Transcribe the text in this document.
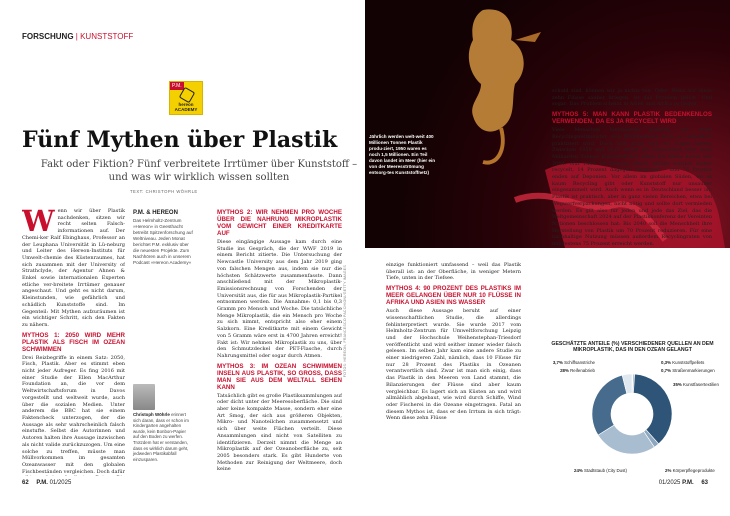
FORSCHUNG | KUNSTSTOFF
P.M.
hereon ACADEMY
Jährlich werden welt-weit 400 Millionen Tonnen Plastik produ-ziert, 1950 waren es noch 1,5 Millionen. Ein Teil davon landet im Meer (hier ein von der Meeresströmung entsorg-tes Kunststoffnetz)
FOTOS: HEREON, FRANCESCO PACCHIONI/GETTY IMAGES
Fünf Mythen über Plastik
Fakt oder Fiktion? Fünf verbreitete Irrtümer über Kunststoff – und was wir wirklich wissen sollten
TEXT: CHRISTOPH WÖHRLE
W enn wir über Plastik nachdenken, sitzen wir recht selten Falsch-informationen auf. Der Chemi-ker Ralf Ebinghaus, Professor an der Leuphana Universität in Lü-neburg und Leiter des Hereon-Instituts für Umwelt-chemie des Küstenraumes, hat sich zusammen mit der University of Strathclyde, der Agentur Ahnen & Enkel sowie internationalen Experten etliche ver-breitete Irrtümer genauer angeschaut. Und geht es nicht darum, Kleinstunden, wie gefährlich und schädlich Kunststoffe sind. Im Gegenteil: Mit Mythen aufzuräumen ist ein wichtiger Schritt, sich den Fakten zu nähern.
MYTHOS 1: 2050 WIRD MEHR PLASTIK ALS FISCH IM OZEAN SCHWIMMEN
Drei Reizbegriffe in einem Satz: 2050, Fisch, Plastik. Aber es stimmt eben nicht jeder Aufreger. Es fing 2016 mit einer Studie der Ellen MacArthur Foundation an, die vor dem Weltwirtschaftsforum in Davos vorgestellt und weltweit wurde, auch über die sozialen Medien. Unter anderem die BBC hat sie einem Faktencheck unterzogen, der die Aussage als sehr wahrscheinlich falsch einstufte. Selbst die Autorinnen und Autoren halten ihre Aussage inzwischen als nicht valide zurückzuzogen. Um eine solche zu treffen, müsste man Müllvorkommen im gesamten Ozeanwasser mit den globalen Fischbeständen vergleichen. Doch dafür
P.M. & HEREON
Das Helmholtz-Zentrum »Hereon« in Geesthacht betreibt Spitzenforschung auf Weltniveau. Jeden Monat berichtet P.M. exklusiv über die neuesten Projekte. Zum Nachhören auch in unserem Podcast »Hereon Academy«
Christoph Wöhrle erinnert sich daran, dass er schon im Kindergarten angehalten wurde, kein Bonbon-Papier auf den Boden zu werfen. Trotzdem hat er verstanden, dass es wirklich darum geht, jedweden Plastikabfall einzusparen.
MYTHOS 2: WIR NEHMEN PRO WOCHE ÜBER DIE NAHRUNG MIKROPLASTIK VOM GEWICHT EINER KREDITKARTE AUF
Diese eingängige Aussage kam durch eine Studie ins Gespräch, die der WWF 2019 in einem Bericht zitierte. Die Untersuchung der Newcastle University aus dem Jahr 2019 ging von falschen Mengen aus, indem sie nur die höchsten Schätzwerte zusammenfasste. Dann anschließend mit der Mikroplastik-Emissionsrechnung von Forschenden der Universität aus, die für aus Mikroplastik-Partikel entnommen werden. Die Annahme: 0,1 bis 0,3 Gramm pro Mensch und Woche. Die tatsächliche Menge Mikroplastik, die ein Mensch pro Woche zu sich nimmt, entspricht also eher einem Salzkorn. Eine Kreditkarte mit einem Gewicht von 5 Gramm wäre erst in 4700 Jahren erreicht! Fakt ist: Wir nehmen Mikroplastik zu uns, über den Schmutzdeckel der PET-Flasche, durch Nahrungsmittel oder sogar durch Atmen.
MYTHOS 3: IM OZEAN SCHWIMMEN INSELN AUS PLASTIK, SO GROSS, DASS MAN SIE AUS DEM WELTALL SEHEN KANN
Tatsächlich gibt es große Plastiksammlungen auf oder dicht unter der Meeresoberfläche. Die sind aber keine kompakte Masse, sondern eher eine Art Smog, der sich aus größeren Objekten, Mikro- und Nanoteilchen zusammensetzt und sich über weite Flächen verteilt. Diese Ansammlungen sind nicht von Satelliten zu identifizieren. Derzeit nimmt die Menge an Mikroplastik auf der Ozeanoberfläche zu, seit 2005 besonders stark. Es gibt Hunderte von Methoden zur Reinigung der Weltmeere, doch keine
einzige funktioniert umfassend – weil das Plastik überall ist: an der Oberfläche, in weniger Metern Tiefe, unten in der Tiefsee.
MYTHOS 4: 90 PROZENT DES PLASTIKS IM MEER GELANGEN ÜBER NUR 10 FLÜSSE IN AFRIKA UND ASIEN INS WASSER
Auch diese Aussage beruht auf einer wissenschaftlichen Studie, die allerdings fehlinterpretiert wurde. Sie wurde 2017 vom Helmholtz-Zentrum für Umweltforschung Leipzig und der Hochschule Weihenstephan-Triesdorf veröffentlicht und wird seither immer wieder falsch gelesen. Im selben Jahr kam eine andere Studie zu einer niedrigeren Zahl, nämlich, dass 10 Flüsse für nur 28 Prozent des Plastiks in Ozeanen verantwortlich sind. Zwar ist man sich einig, dass das Plastik in den Meeren von Land stammt, die Bilanzierungen der Flüsse sind aber kaum vergleichbar. Es lagert sich an Küsten an und wird allmählich abgebaut, wie wird durch Schiffe, Wind oder Fischerei in die Ozeane eingetragen. Fatal an diesem Mythos ist, dass er den Irrtum in sich trägt: Wenn diese zehn Flüsse
schuld sind, können wir ja nichts tun. Oder: Wenn wir diese zehn Flüsse sauber kriegen, ist das Problem gelöst. Und sogar: Das Problem scheint in Asien und Afrika zu liegen.
MYTHOS 5: MAN KANN PLASTIK BEDENKENLOS VERWENDEN, DA ES JA RECYCELT WIRD
Viele Menschen hierzulande glauben, wir seien Recyclingweltmeister, weil Mülltrennung doch so vorbildlich praktiziert wird. Doch man muss sich vor Augen halten: Zwischen 1950 und 2015 stellte die Menschheit über neun Milliarden Tonnen Kunststoff her, allein die Hälfte davon seit 2004. Nur rund 10 Prozent dieses Abfalls wurden bisher recycelt, 14 Prozent dagegen verbrannt – und 76 Prozent enden auf Deponien. Vor allem im globalen Süden, wo es kaum Recycling gibt oder Kunststoff nur unsauber eingesammelt wird. Auch wenn es in Deutschland besser ist: Plastik ist praktisch, aber in ganz vielen Bereichen, etwa bei Wegwerfverpackungen, nicht nötig und sollte dort vermieden werden. Es gilt also für jeden und jede das Ziel, das die Weltgemeinschaft 2024 auf der Plastikkonferenz der Vereinten Nationen beschlossen hat: Bis 2040 soll die Menschheit ihre Herstellung von Plastik um 70 Prozent reduzieren. Für eine nachhaltige Nutzung müssen außerdem Recyclingraten von mindestens 75 Prozent erreicht werden.
GESCHÄTZTE ANTEILE (%) VERSCHIEDENER QUELLEN AN DEM MIKROPLASTIK, DAS IN DEN OZEAN GELANGT
0,3% Kunststoffpellets
0,7% Straßenmarkierungen
35% Kunstfasertextilien
2% Körperpflegeprodukte
24% Stadtstaub (City Dust)
28% Reifenabrieb
3,7% Schiffsanstriche
62 P.M. 01/2025	01/2025 P.M. 63
